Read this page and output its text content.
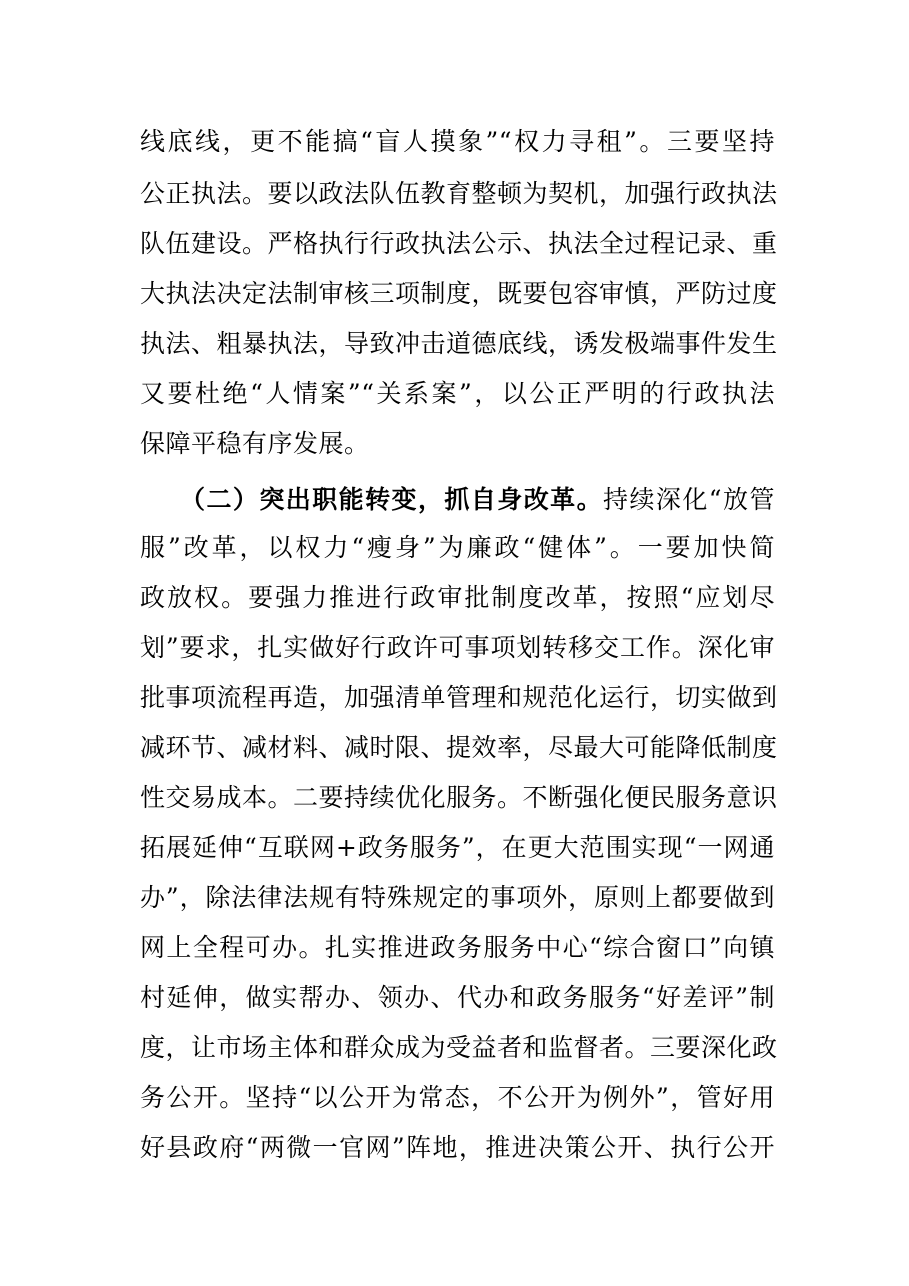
线底线，更不能搞“盲人摸象”“权力寻租”。三要坚持
公正执法。要以政法队伍教育整顿为契机，加强行政执法
队伍建设。严格执行行政执法公示、执法全过程记录、重
大执法决定法制审核三项制度，既要包容审慎，严防过度
执法、粗暴执法，导致冲击道德底线，诱发极端事件发生
又要杜绝“人情案”“关系案”，以公正严明的行政执法
保障平稳有序发展。
（二）突出职能转变，抓自身改革。持续深化“放管
服”改革，以权力“瘦身”为廉政“健体”。一要加快简
政放权。要强力推进行政审批制度改革，按照“应划尽
划”要求，扎实做好行政许可事项划转移交工作。深化审
批事项流程再造，加强清单管理和规范化运行，切实做到
减环节、减材料、减时限、提效率，尽最大可能降低制度
性交易成本。二要持续优化服务。不断强化便民服务意识
拓展延伸“互联网+政务服务”，在更大范围实现“一网通
办”，除法律法规有特殊规定的事项外，原则上都要做到
网上全程可办。扎实推进政务服务中心“综合窗口”向镇
村延伸，做实帮办、领办、代办和政务服务“好差评”制
度，让市场主体和群众成为受益者和监督者。三要深化政
务公开。坚持“以公开为常态，不公开为例外”，管好用
好县政府“两微一官网”阵地，推进决策公开、执行公开
